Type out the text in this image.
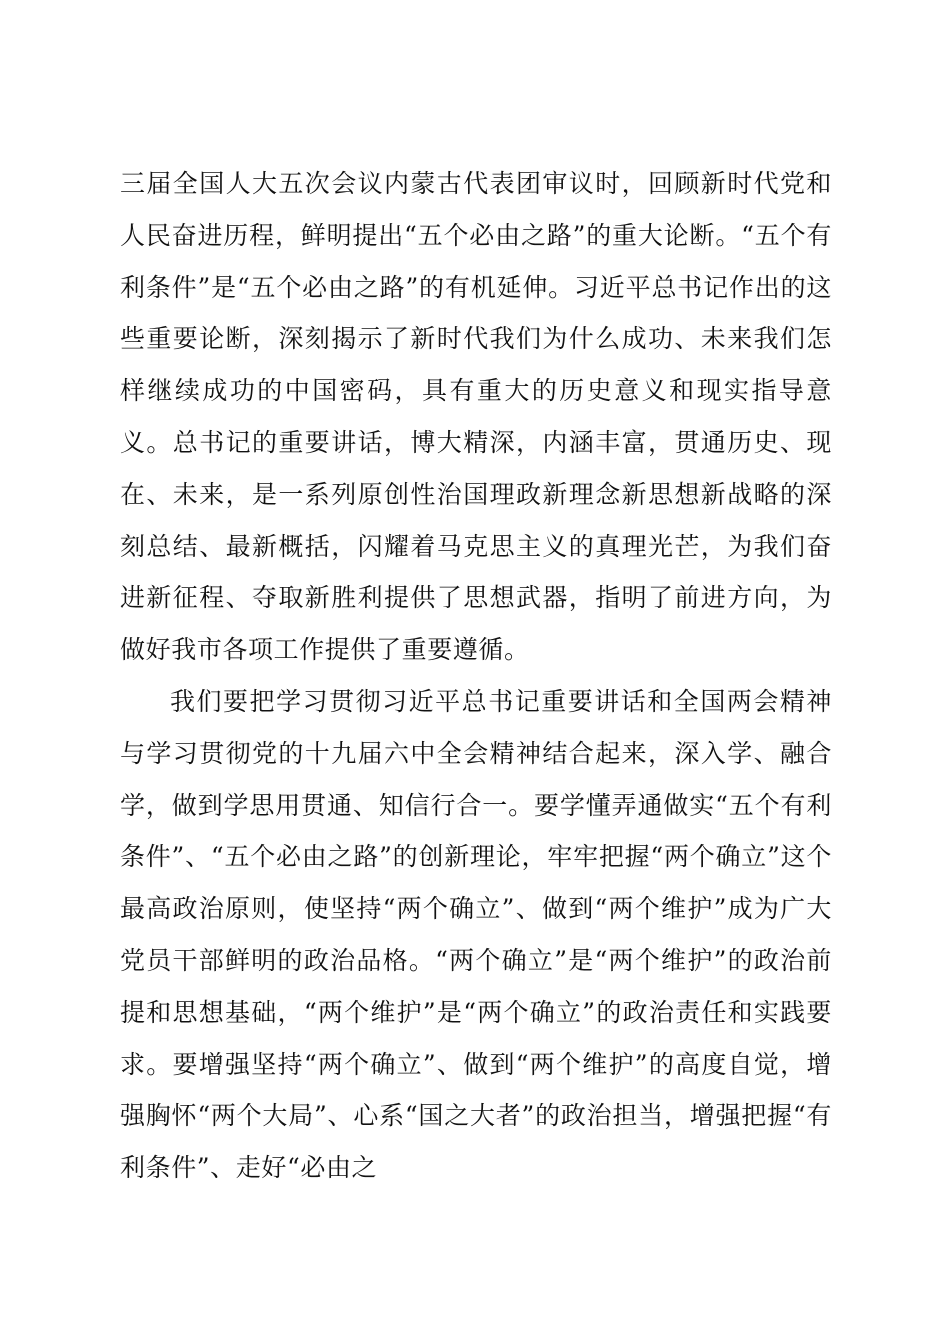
三届全国人大五次会议内蒙古代表团审议时，回顾新时代党和人民奋进历程，鲜明提出“五个必由之路”的重大论断。“五个有利条件”是“五个必由之路”的有机延伸。习近平总书记作出的这些重要论断，深刻揭示了新时代我们为什么成功、未来我们怎样继续成功的中国密码，具有重大的历史意义和现实指导意义。总书记的重要讲话，博大精深，内涵丰富，贯通历史、现在、未来，是一系列原创性治国理政新理念新思想新战略的深刻总结、最新概括，闪耀着马克思主义的真理光芒，为我们奋进新征程、夺取新胜利提供了思想武器，指明了前进方向，为做好我市各项工作提供了重要遵循。

我们要把学习贯彻习近平总书记重要讲话和全国两会精神与学习贯彻党的十九届六中全会精神结合起来，深入学、融合学，做到学思用贯通、知信行合一。要学懂弄通做实“五个有利条件”、“五个必由之路”的创新理论，牢牢把握“两个确立”这个最高政治原则，使坚持“两个确立”、做到“两个维护”成为广大党员干部鲜明的政治品格。“两个确立”是“两个维护”的政治前提和思想基础，“两个维护”是“两个确立”的政治责任和实践要求。要增强坚持“两个确立”、做到“两个维护”的高度自觉，增强胸怀“两个大局”、心系“国之大者”的政治担当，增强把握“有利条件”、走好“必由之
